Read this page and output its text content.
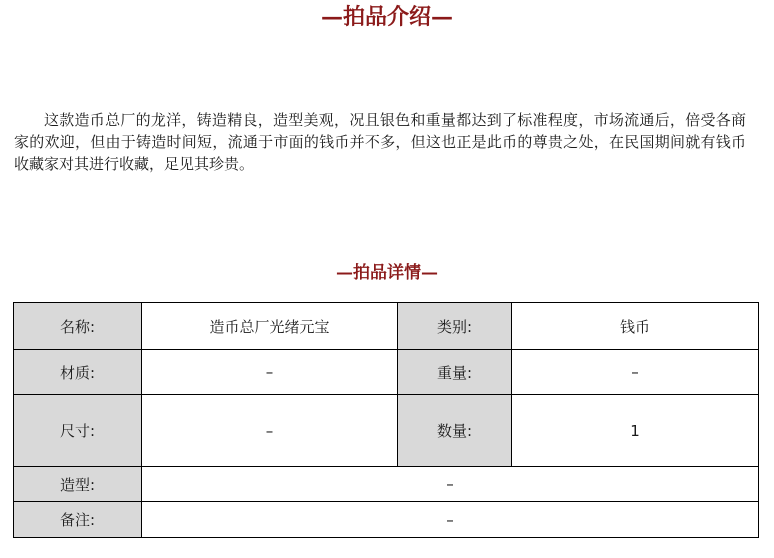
—拍品介绍—

这款造币总厂的龙洋，铸造精良，造型美观，况且银色和重量都达到了标准程度，市场流通后，倍受各商家的欢迎，但由于铸造时间短，流通于市面的钱币并不多，但这也正是此币的尊贵之处，在民国期间就有钱币收藏家对其进行收藏，足见其珍贵。

—拍品详情—
名称:	造币总厂光绪元宝	类别:	钱币
材质:	–	重量:	–
尺寸:	–	数量:	1
造型:	–		
备注:	–		
